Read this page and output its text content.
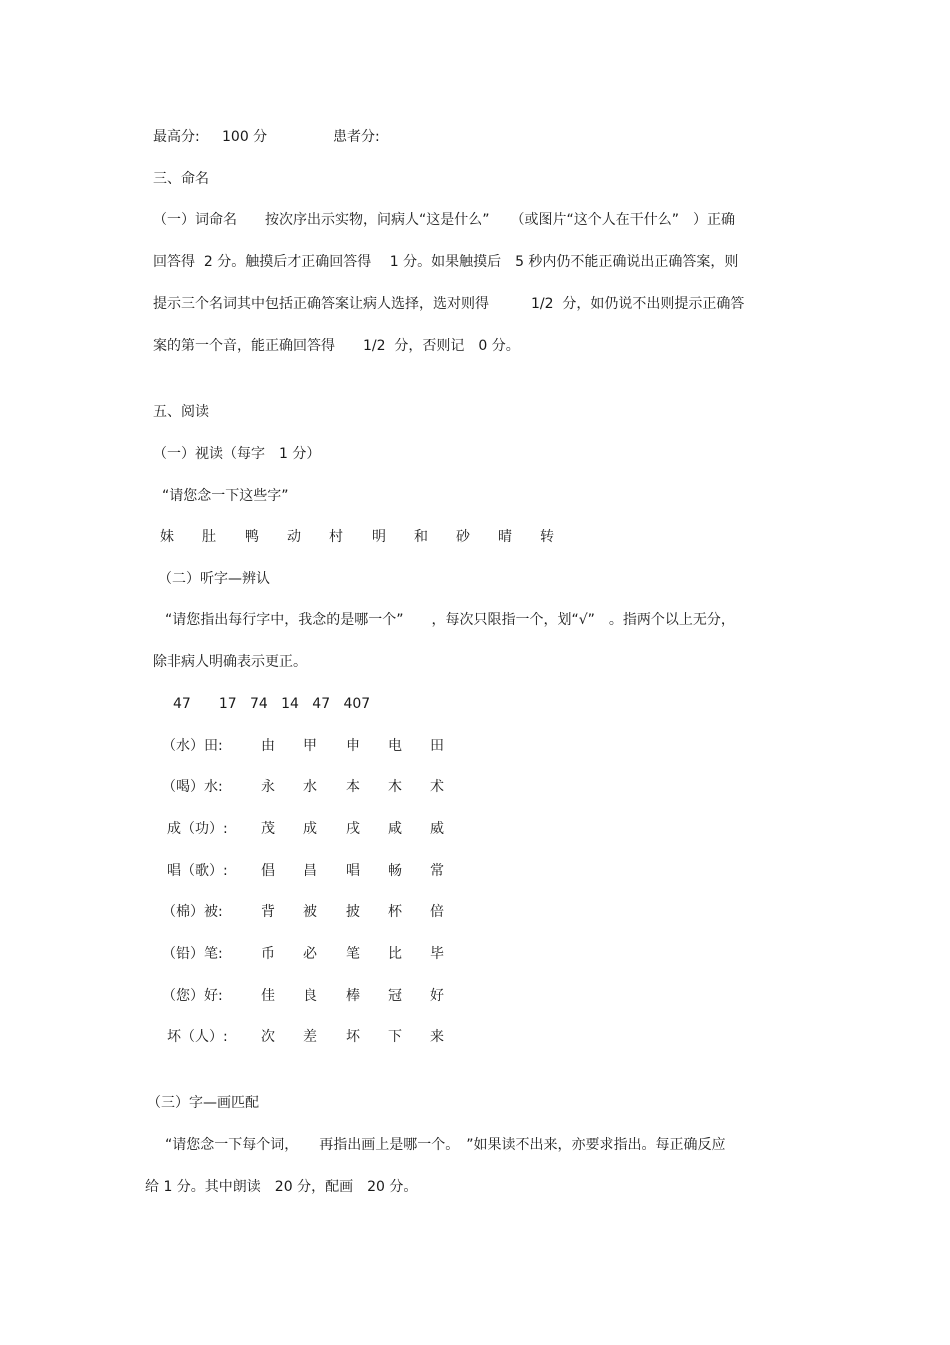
最高分: 100 分	患者分:
三、命名
（一）词命名　　按次序出示实物，问病人“这是什么”　　（或图片“这个人在干什么”　）正确
回答得  2 分。触摸后才正确回答得　 1 分。如果触摸后　5 秒内仍不能正确说出正确答案，则
提示三个名词其中包括正确答案让病人选择，选对则得　　　1/2  分，如仍说不出则提示正确答
案的第一个音，能正确回答得　　1/2  分，否则记　0 分。
五、阅读
（一）视读（每字　1 分）
“请您念一下这些字”
妹 肚 鸭 动 村 明 和 砂 晴 转
（二）听字—辨认
“请您指出每行字中，我念的是哪一个”　　，每次只限指一个，划“√”　。指两个以上无分，
除非病人明确表示更正。
47　　17   74   14   47   407
（水）田:	由 甲 申 电 田
（喝）水:	永 水 本 木 术
成（功）: 茂 成 戌 咸 威
唱（歌）: 倡 昌 唱 畅 常
（棉）被:	背 被 披 杯 倍
（铅）笔:	币 必 笔 比 毕
（您）好:	佳 良 棒 冠 好
坏（人）: 次 差 坏 下 来
（三）字—画匹配
“请您念一下每个词，　　再指出画上是哪一个。　”如果读不出来，亦要求指出。每正确反应
给 1 分。其中朗读　20 分，配画　20 分。
